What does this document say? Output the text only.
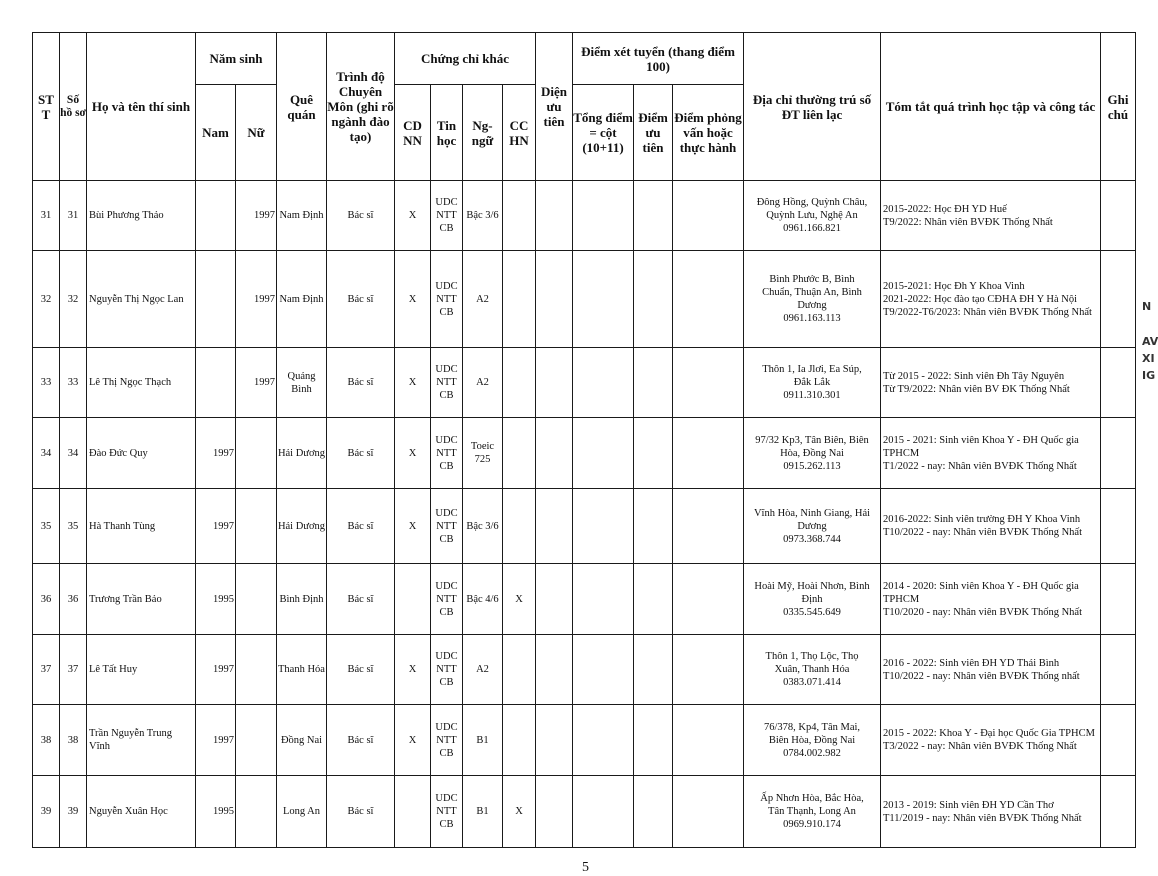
ST T	Số hồ sơ	Họ và tên thí sinh	Năm sinh		Quê quán	Trình độ Chuyên Môn (ghi rõ ngành đào tạo)	Chứng chỉ khác				Diện ưu tiên	Điểm xét tuyển (thang điểm 100)			Địa chỉ thường trú số ĐT liên lạc	Tóm tắt quá trình học tập và công tác	Ghi chú
			Nam	Nữ			CD NN	Tin học	Ng- ngữ	CC HN		Tổng điểm = cột (10+11)	Điểm ưu tiên	Điểm phỏng vấn hoặc thực hành			
31	31	Bùi Phương Thảo		1997	Nam Định	Bác sĩ	X	UDC NTT CB	Bậc 3/6						Đông Hồng, Quỳnh Châu,
Quỳnh Lưu, Nghệ An
0961.166.821	2015-2022: Học ĐH YD Huế
T9/2022: Nhân viên BVĐK Thống Nhất	

32	32	Nguyễn Thị Ngọc Lan		1997	Nam Định	Bác sĩ	X	UDC NTT CB	A2						Bình Phước B, Bình
Chuẩn, Thuận An, Bình
Dương
0961.163.113	2015-2021: Học Đh Y Khoa Vinh
2021-2022: Học đào tạo CĐHA ĐH Y Hà Nội
T9/2022-T6/2023: Nhân viên BVĐK Thống Nhất	

33	33	Lê Thị Ngọc Thạch		1997	Quảng Bình	Bác sĩ	X	UDC NTT CB	A2						Thôn 1, Ia Jlơi, Ea Súp,
Đắk Lắk
0911.310.301	Từ 2015 - 2022: Sinh viên Đh Tây Nguyên
Từ T9/2022: Nhân viên BV ĐK Thống Nhất	

34	34	Đào Đức Quy	1997		Hải Dương	Bác sĩ	X	UDC NTT CB	Toeic 725						97/32 Kp3, Tân Biên, Biên
Hòa, Đồng Nai
0915.262.113	2015 - 2021: Sinh viên Khoa Y - ĐH Quốc gia TPHCM
T1/2022 - nay: Nhân viên BVĐK Thống Nhất	

35	35	Hà Thanh Tùng	1997		Hải Dương	Bác sĩ	X	UDC NTT CB	Bậc 3/6						Vĩnh Hòa, Ninh Giang, Hải
Dương
0973.368.744	2016-2022: Sinh viên trường ĐH Y Khoa Vinh
T10/2022 - nay: Nhân viên BVĐK Thống Nhất	

36	36	Trương Trần Bảo	1995		Bình Định	Bác sĩ		UDC NTT CB	Bậc 4/6	X					Hoài Mỹ, Hoài Nhơn, Bình
Định
0335.545.649	2014 - 2020: Sinh viên Khoa Y - ĐH Quốc gia TPHCM
T10/2020 - nay: Nhân viên BVĐK Thống Nhất	

37	37	Lê Tất Huy	1997		Thanh Hóa	Bác sĩ	X	UDC NTT CB	A2						Thôn 1, Thọ Lộc, Thọ
Xuân, Thanh Hóa
0383.071.414	2016 - 2022: Sinh viên ĐH YD Thái Bình
T10/2022 - nay: Nhân viên BVĐK Thống nhất	

38	38	Trần Nguyễn Trung Vĩnh	1997		Đồng Nai	Bác sĩ	X	UDC NTT CB	B1						76/378, Kp4, Tân Mai,
Biên Hòa, Đồng Nai
0784.002.982	2015 - 2022: Khoa Y - Đại học Quốc Gia TPHCM
T3/2022 - nay: Nhân viên BVĐK Thống Nhất	

39	39	Nguyễn Xuân Học	1995		Long An	Bác sĩ		UDC NTT CB	B1	X					Ấp Nhơn Hòa, Bắc Hòa,
Tân Thạnh, Long An
0969.910.174	2013 - 2019: Sinh viên ĐH YD Cần Thơ
T11/2019 - nay: Nhân viên BVĐK Thống Nhất	

5
N
AV
XI
IG
